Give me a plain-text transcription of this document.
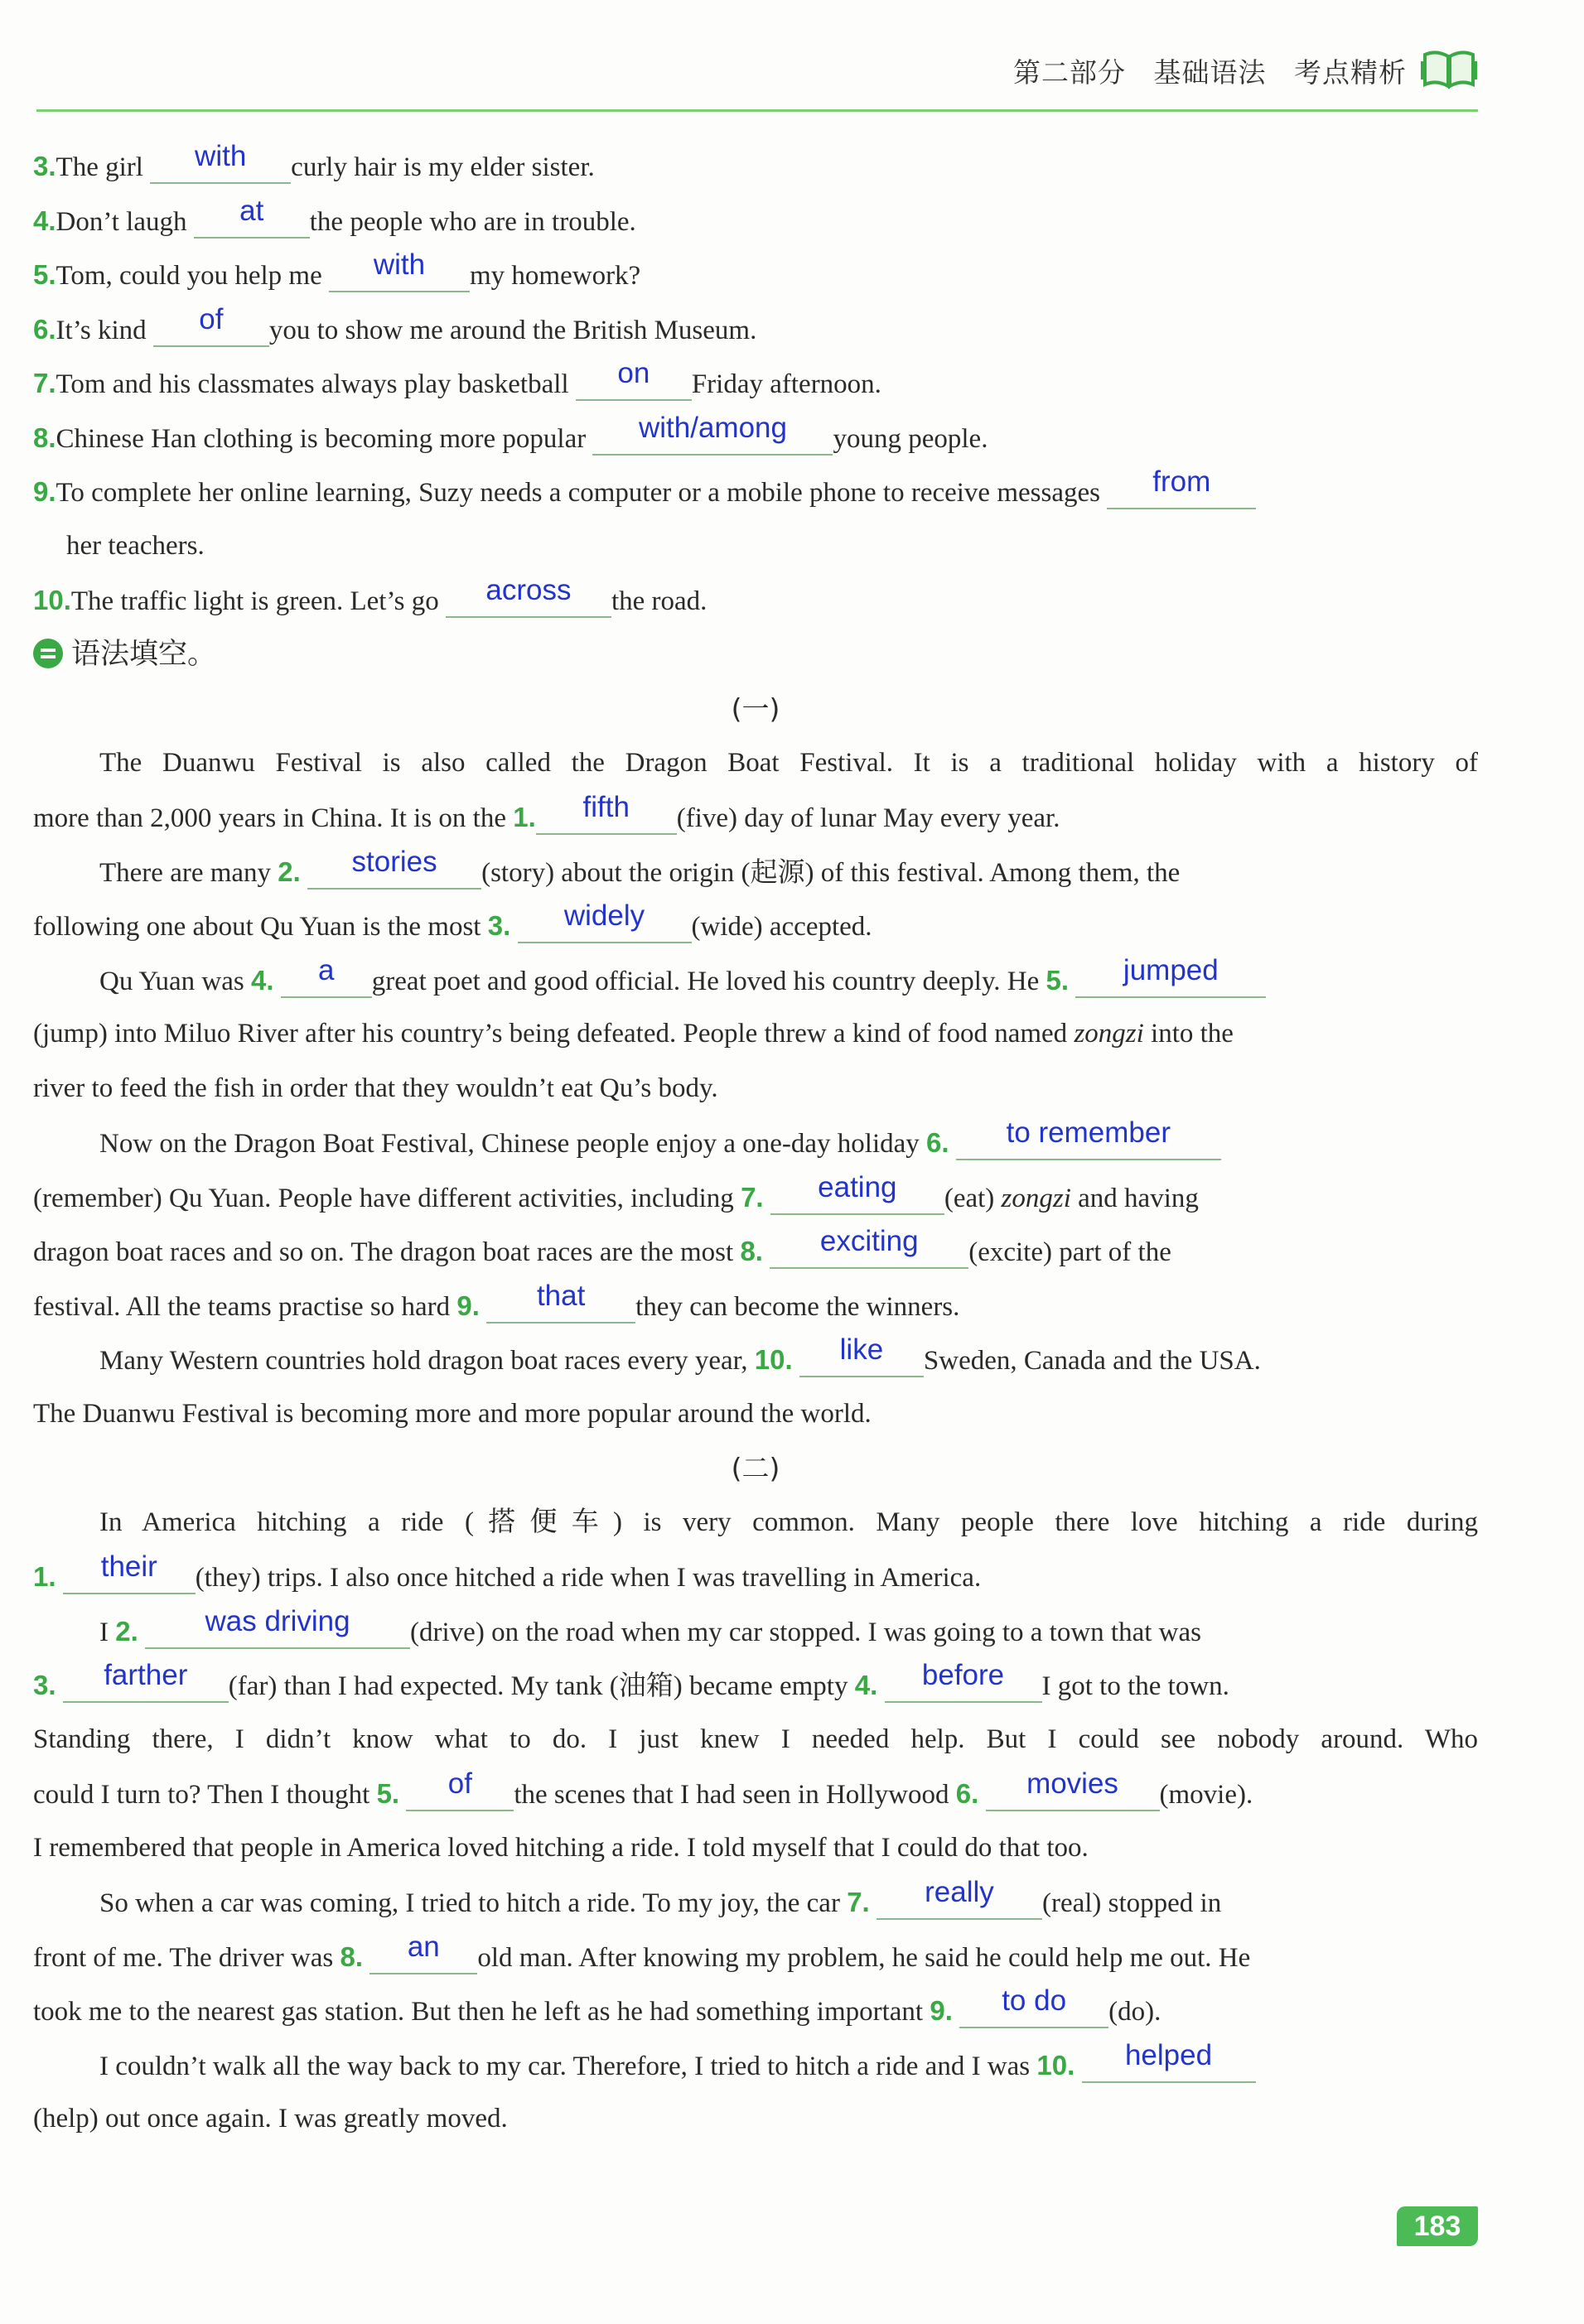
第二部分 基础语法 考点精析
3.The girl with curly hair is my elder sister.
4.Don’t laugh at the people who are in trouble.
5.Tom, could you help me with my homework?
6.It’s kind of you to show me around the British Museum.
7.Tom and his classmates always play basketball on Friday afternoon.
8.Chinese Han clothing is becoming more popular with/among young people.
9.To complete her online learning, Suzy needs a computer or a mobile phone to receive messages from
her teachers.
10.The traffic light is green. Let’s go across the road.
语法填空。
(一)
The Duanwu Festival is also called the Dragon Boat Festival. It is a traditional holiday with a history of
more than 2,000 years in China. It is on the 1. fifth (five) day of lunar May every year.
There are many 2. stories (story) about the origin (起源) of this festival. Among them, the
following one about Qu Yuan is the most 3. widely (wide) accepted.
Qu Yuan was 4. a great poet and good official. He loved his country deeply. He 5. jumped
(jump) into Miluo River after his country’s being defeated. People threw a kind of food named zongzi into the
river to feed the fish in order that they wouldn’t eat Qu’s body.
Now on the Dragon Boat Festival, Chinese people enjoy a one-day holiday 6. to remember
(remember) Qu Yuan. People have different activities, including 7. eating (eat) zongzi and having
dragon boat races and so on. The dragon boat races are the most 8. exciting (excite) part of the
festival. All the teams practise so hard 9. that they can become the winners.
Many Western countries hold dragon boat races every year, 10. like Sweden, Canada and the USA.
The Duanwu Festival is becoming more and more popular around the world.
(二)
In America hitching a ride (搭便车) is very common. Many people there love hitching a ride during
1. their (they) trips. I also once hitched a ride when I was travelling in America.
I 2. was driving (drive) on the road when my car stopped. I was going to a town that was
3. farther (far) than I had expected. My tank (油箱) became empty 4. before I got to the town.
Standing there, I didn’t know what to do. I just knew I needed help. But I could see nobody around. Who
could I turn to? Then I thought 5. of the scenes that I had seen in Hollywood 6. movies (movie).
I remembered that people in America loved hitching a ride. I told myself that I could do that too.
So when a car was coming, I tried to hitch a ride. To my joy, the car 7. really (real) stopped in
front of me. The driver was 8. an old man. After knowing my problem, he said he could help me out. He
took me to the nearest gas station. But then he left as he had something important 9. to do (do).
I couldn’t walk all the way back to my car. Therefore, I tried to hitch a ride and I was 10. helped
(help) out once again. I was greatly moved.
183
